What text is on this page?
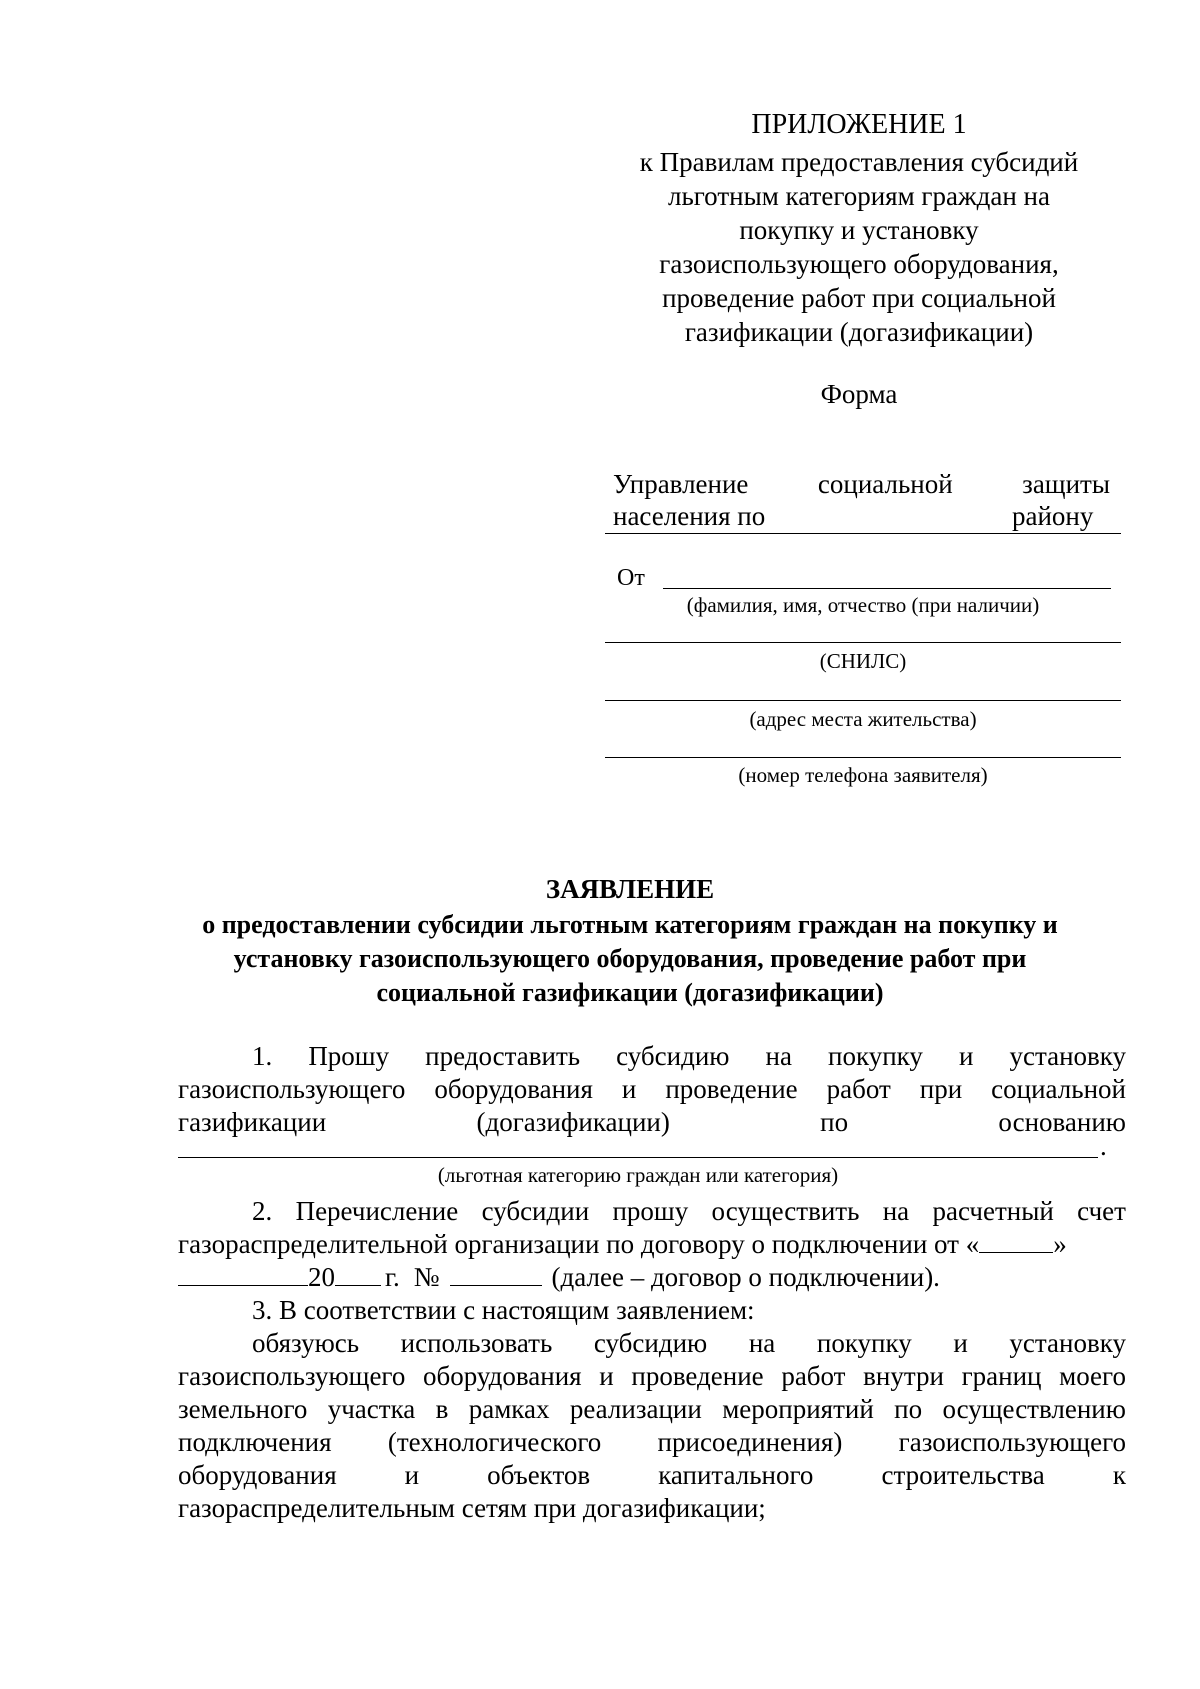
ПРИЛОЖЕНИЕ 1
к Правилам предоставления субсидий
льготным категориям граждан на
покупку и установку
газоиспользующего оборудования,
проведение работ при социальной
газификации (догазификации)
Форма
Управление	социальной	защиты
населения по	району
От
(фамилия, имя, отчество (при наличии)
(СНИЛС)
(адрес места жительства)
(номер телефона заявителя)
ЗАЯВЛЕНИЕ
о предоставлении субсидии льготным категориям граждан на покупку и
установку газоиспользующего оборудования, проведение работ при
социальной газификации (догазификации)
1. Прошу предоставить субсидию на покупку и установку
газоиспользующего оборудования и проведение работ при социальной
газификации	(догазификации)	по	основанию
.
(льготная категорию граждан или категория)
2. Перечисление субсидии прошу осуществить на расчетный счет
газораспределительной организации по договору о подключении от «	»
20 г. №	(далее – договор о подключении).
3. В соответствии с настоящим заявлением:
обязуюсь использовать субсидию на покупку и установку
газоиспользующего оборудования и проведение работ внутри границ моего
земельного участка в рамках реализации мероприятий по осуществлению
подключения (технологического присоединения) газоиспользующего
оборудования	и	объектов	капитального	строительства	к
газораспределительным сетям при догазификации;
